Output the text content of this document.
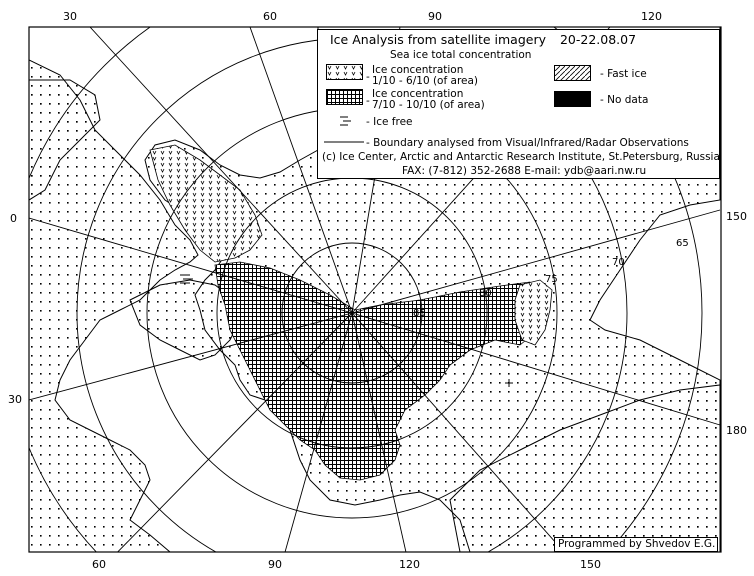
85
80
75
70
65
30	60	90	120
60	90	120	150
0
30
150
180
Ice Analysis from satellite imagery 20-22.08.07
Sea ice total concentration
Ice concentration
- 1/10 - 6/10 (of area)
Ice concentration
- 7/10 - 10/10 (of area)
- Fast ice
- No data
- Ice free
- Boundary analysed from Visual/Infrared/Radar Observations
(c) Ice Center, Arctic and Antarctic Research Institute, St.Petersburg, Russia
FAX: (7-812) 352-2688 E-mail: ydb@aari.nw.ru
Programmed by Shvedov E.G.
